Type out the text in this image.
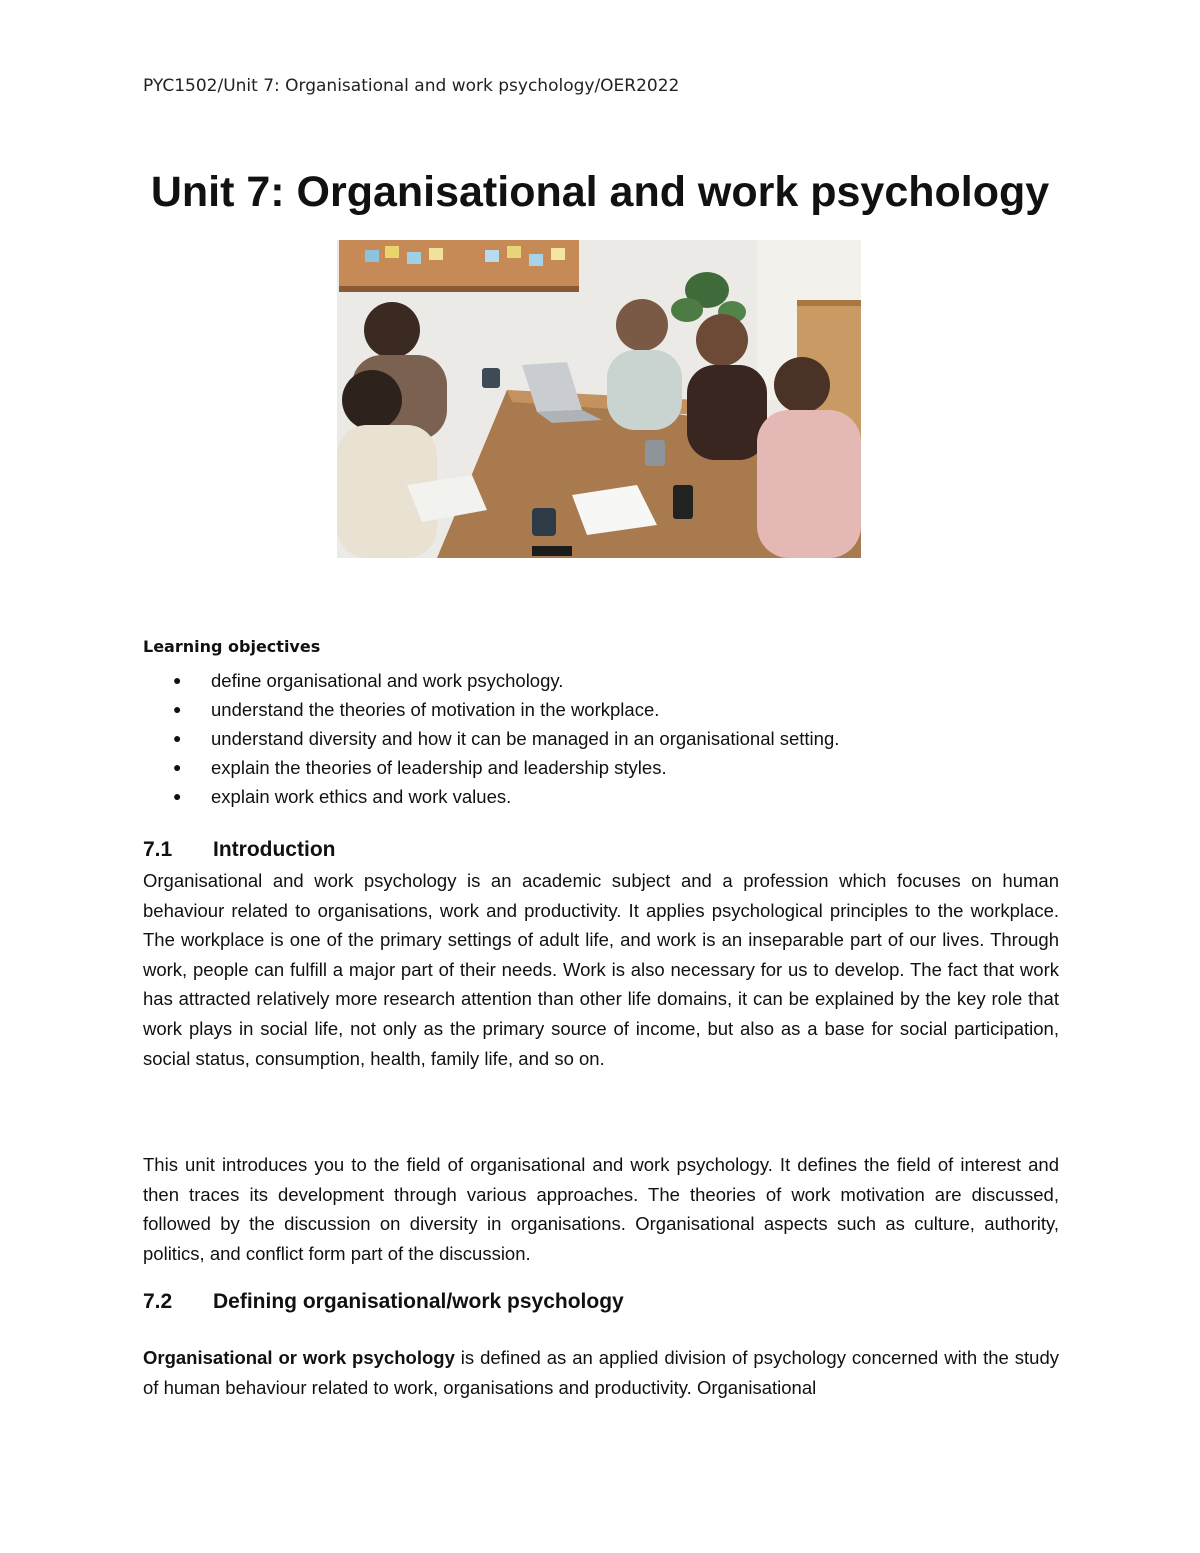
PYC1502/Unit 7: Organisational and work psychology/OER2022
Unit 7: Organisational and work psychology
Learning objectives
● define organisational and work psychology.
● understand the theories of motivation in the workplace.
● understand diversity and how it can be managed in an organisational setting.
● explain the theories of leadership and leadership styles.
● explain work ethics and work values.
7.1 Introduction

Organisational and work psychology is an academic subject and a profession which focuses on human behaviour related to organisations, work and productivity. It applies psychological principles to the workplace. The workplace is one of the primary settings of adult life, and work is an inseparable part of our lives. Through work, people can fulfill a major part of their needs. Work is also necessary for us to develop. The fact that work has attracted relatively more research attention than other life domains, it can be explained by the key role that work plays in social life, not only as the primary source of income, but also as a base for social participation, social status, consumption, health, family life, and so on.

This unit introduces you to the field of organisational and work psychology. It defines the field of interest and then traces its development through various approaches. The theories of work motivation are discussed, followed by the discussion on diversity in organisations. Organisational aspects such as culture, authority, politics, and conflict form part of the discussion.

7.2 Defining organisational/work psychology

Organisational or work psychology is defined as an applied division of psychology concerned with the study of human behaviour related to work, organisations and productivity. Organisational
